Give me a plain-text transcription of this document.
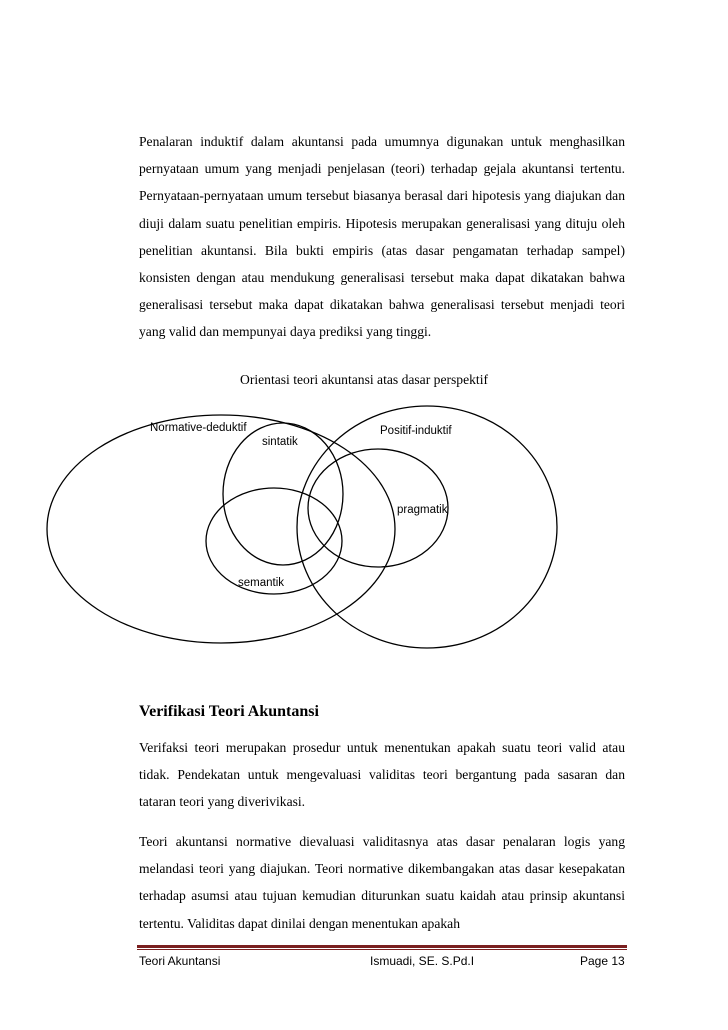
Penalaran induktif dalam akuntansi pada umumnya digunakan untuk menghasilkan pernyataan umum yang menjadi penjelasan (teori) terhadap gejala akuntansi tertentu. Pernyataan-pernyataan umum tersebut biasanya berasal dari hipotesis yang diajukan dan diuji dalam suatu penelitian empiris. Hipotesis merupakan generalisasi yang dituju oleh penelitian akuntansi. Bila bukti empiris (atas dasar pengamatan terhadap sampel) konsisten dengan atau mendukung generalisasi tersebut maka dapat dikatakan bahwa generalisasi tersebut maka dapat dikatakan bahwa generalisasi tersebut menjadi teori yang valid dan mempunyai daya prediksi yang tinggi.

Orientasi teori akuntansi atas dasar perspektif

Normative-deduktif	Positif-induktif
sintatik
pragmatik
semantik
Verifikasi Teori Akuntansi

Verifaksi teori merupakan prosedur untuk menentukan apakah suatu teori valid atau tidak. Pendekatan untuk mengevaluasi validitas teori bergantung pada sasaran dan tataran teori yang diverivikasi.

Teori akuntansi normative dievaluasi validitasnya atas dasar penalaran logis yang melandasi teori yang diajukan. Teori normative dikembangakan atas dasar kesepakatan terhadap asumsi atau tujuan kemudian diturunkan suatu kaidah atau prinsip akuntansi tertentu. Validitas dapat dinilai dengan menentukan apakah

Teori Akuntansi	Ismuadi, SE. S.Pd.I	Page 13
